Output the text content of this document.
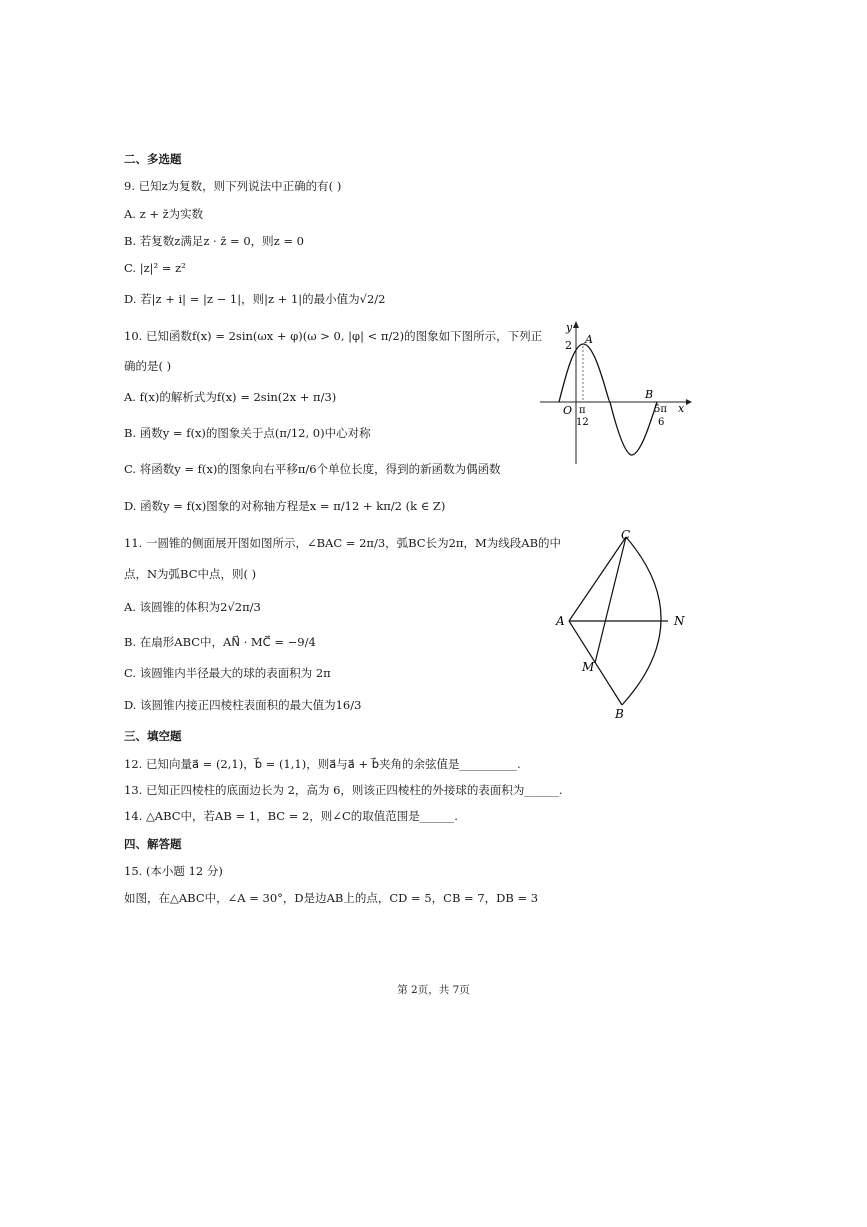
二、多选题
9. 已知z为复数，则下列说法中正确的有( )
A. z + z̄为实数
B. 若复数z满足z · z̄ = 0，则z = 0
C. |z|² = z²
D. 若|z + i| = |z − 1|，则|z + 1|的最小值为√2/2
10. 已知函数f(x) = 2sin(ωx + φ)(ω > 0, |φ| < π/2)的图象如下图所示，下列正
确的是( )
A. f(x)的解析式为f(x) = 2sin(2x + π/3)
B. 函数y = f(x)的图象关于点(π/12, 0)中心对称
C. 将函数y = f(x)的图象向右平移π/6个单位长度，得到的新函数为偶函数
D. 函数y = f(x)图象的对称轴方程是x = π/12 + kπ/2 (k ∈ Z)
y
x
O
2 A
B
π
12
5π
6
11. 一圆锥的侧面展开图如图所示，∠BAC = 2π/3，弧BC长为2π，M为线段AB的中
点，N为弧BC中点，则( )
A. 该圆锥的体积为2√2π/3
B. 在扇形ABC中，AN⃗ · MC⃗ = −9/4
C. 该圆锥内半径最大的球的表面积为 2π
D. 该圆锥内接正四棱柱表面积的最大值为16/3
C
A	N
M
B
三、填空题
12. 已知向量a⃗ = (2,1)，b⃗ = (1,1)，则a⃗与a⃗ + b⃗夹角的余弦值是__________.
13. 已知正四棱柱的底面边长为 2，高为 6，则该正四棱柱的外接球的表面积为______.
14. △ABC中，若AB = 1，BC = 2，则∠C的取值范围是______.
四、解答题
15. (本小题 12 分)
如图，在△ABC中，∠A = 30°，D是边AB上的点，CD = 5，CB = 7，DB = 3
第 2页，共 7页
